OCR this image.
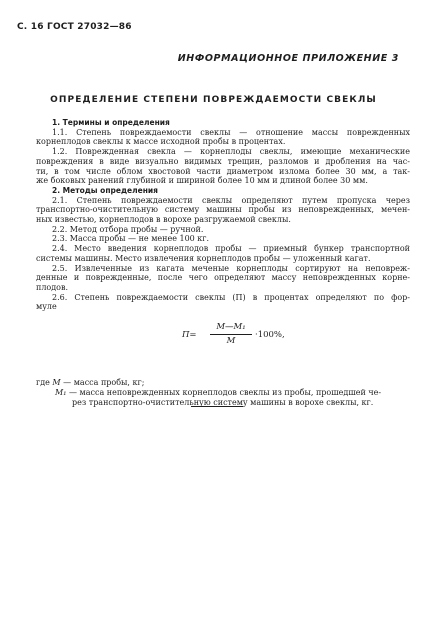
С. 16 ГОСТ 27032—86
ИНФОРМАЦИОННОЕ ПРИЛОЖЕНИЕ 3
ОПРЕДЕЛЕНИЕ СТЕПЕНИ ПОВРЕЖДАЕМОСТИ СВЕКЛЫ
1. Термины и определения
1.1. Степень повреждаемости свеклы — отношение массы поврежденных
корнеплодов свеклы к массе исходной пробы в процентах.
1.2. Поврежденная свекла — корнеплоды свеклы, имеющие механические
повреждения в виде визуально видимых трещин, разломов и дробления на час-
ти, в том числе облом хвостовой части диаметром излома более 30 мм, а так-
же боковых ранений глубиной и шириной более 10 мм и длиной более 30 мм.
2. Методы определения
2.1. Степень повреждаемости свеклы определяют путем пропуска через
транспортно-очистительную систему машины пробы из неповрежденных, мечен-
ных известью, корнеплодов в ворохе разгружаемой свеклы.
2.2. Метод отбора пробы — ручной.
2.3. Масса пробы — не менее 100 кг.
2.4. Место введения корнеплодов пробы — приемный бункер транспортной
системы машины. Место извлечения корнеплодов пробы — уложенный кагат.
2.5. Извлеченные из кагата меченые корнеплоды сортируют на неповреж-
денные и поврежденные, после чего определяют массу неповрежденных корне-
плодов.
2.6. Степень повреждаемости свеклы (П) в процентах определяют по фор-
муле
П=
М—М₁
М
·100%,
где М — масса пробы, кг;
М₁ — масса неповрежденных корнеплодов свеклы из пробы, прошедшей че-
рез транспортно-очистительную систему машины в ворохе свеклы, кг.
